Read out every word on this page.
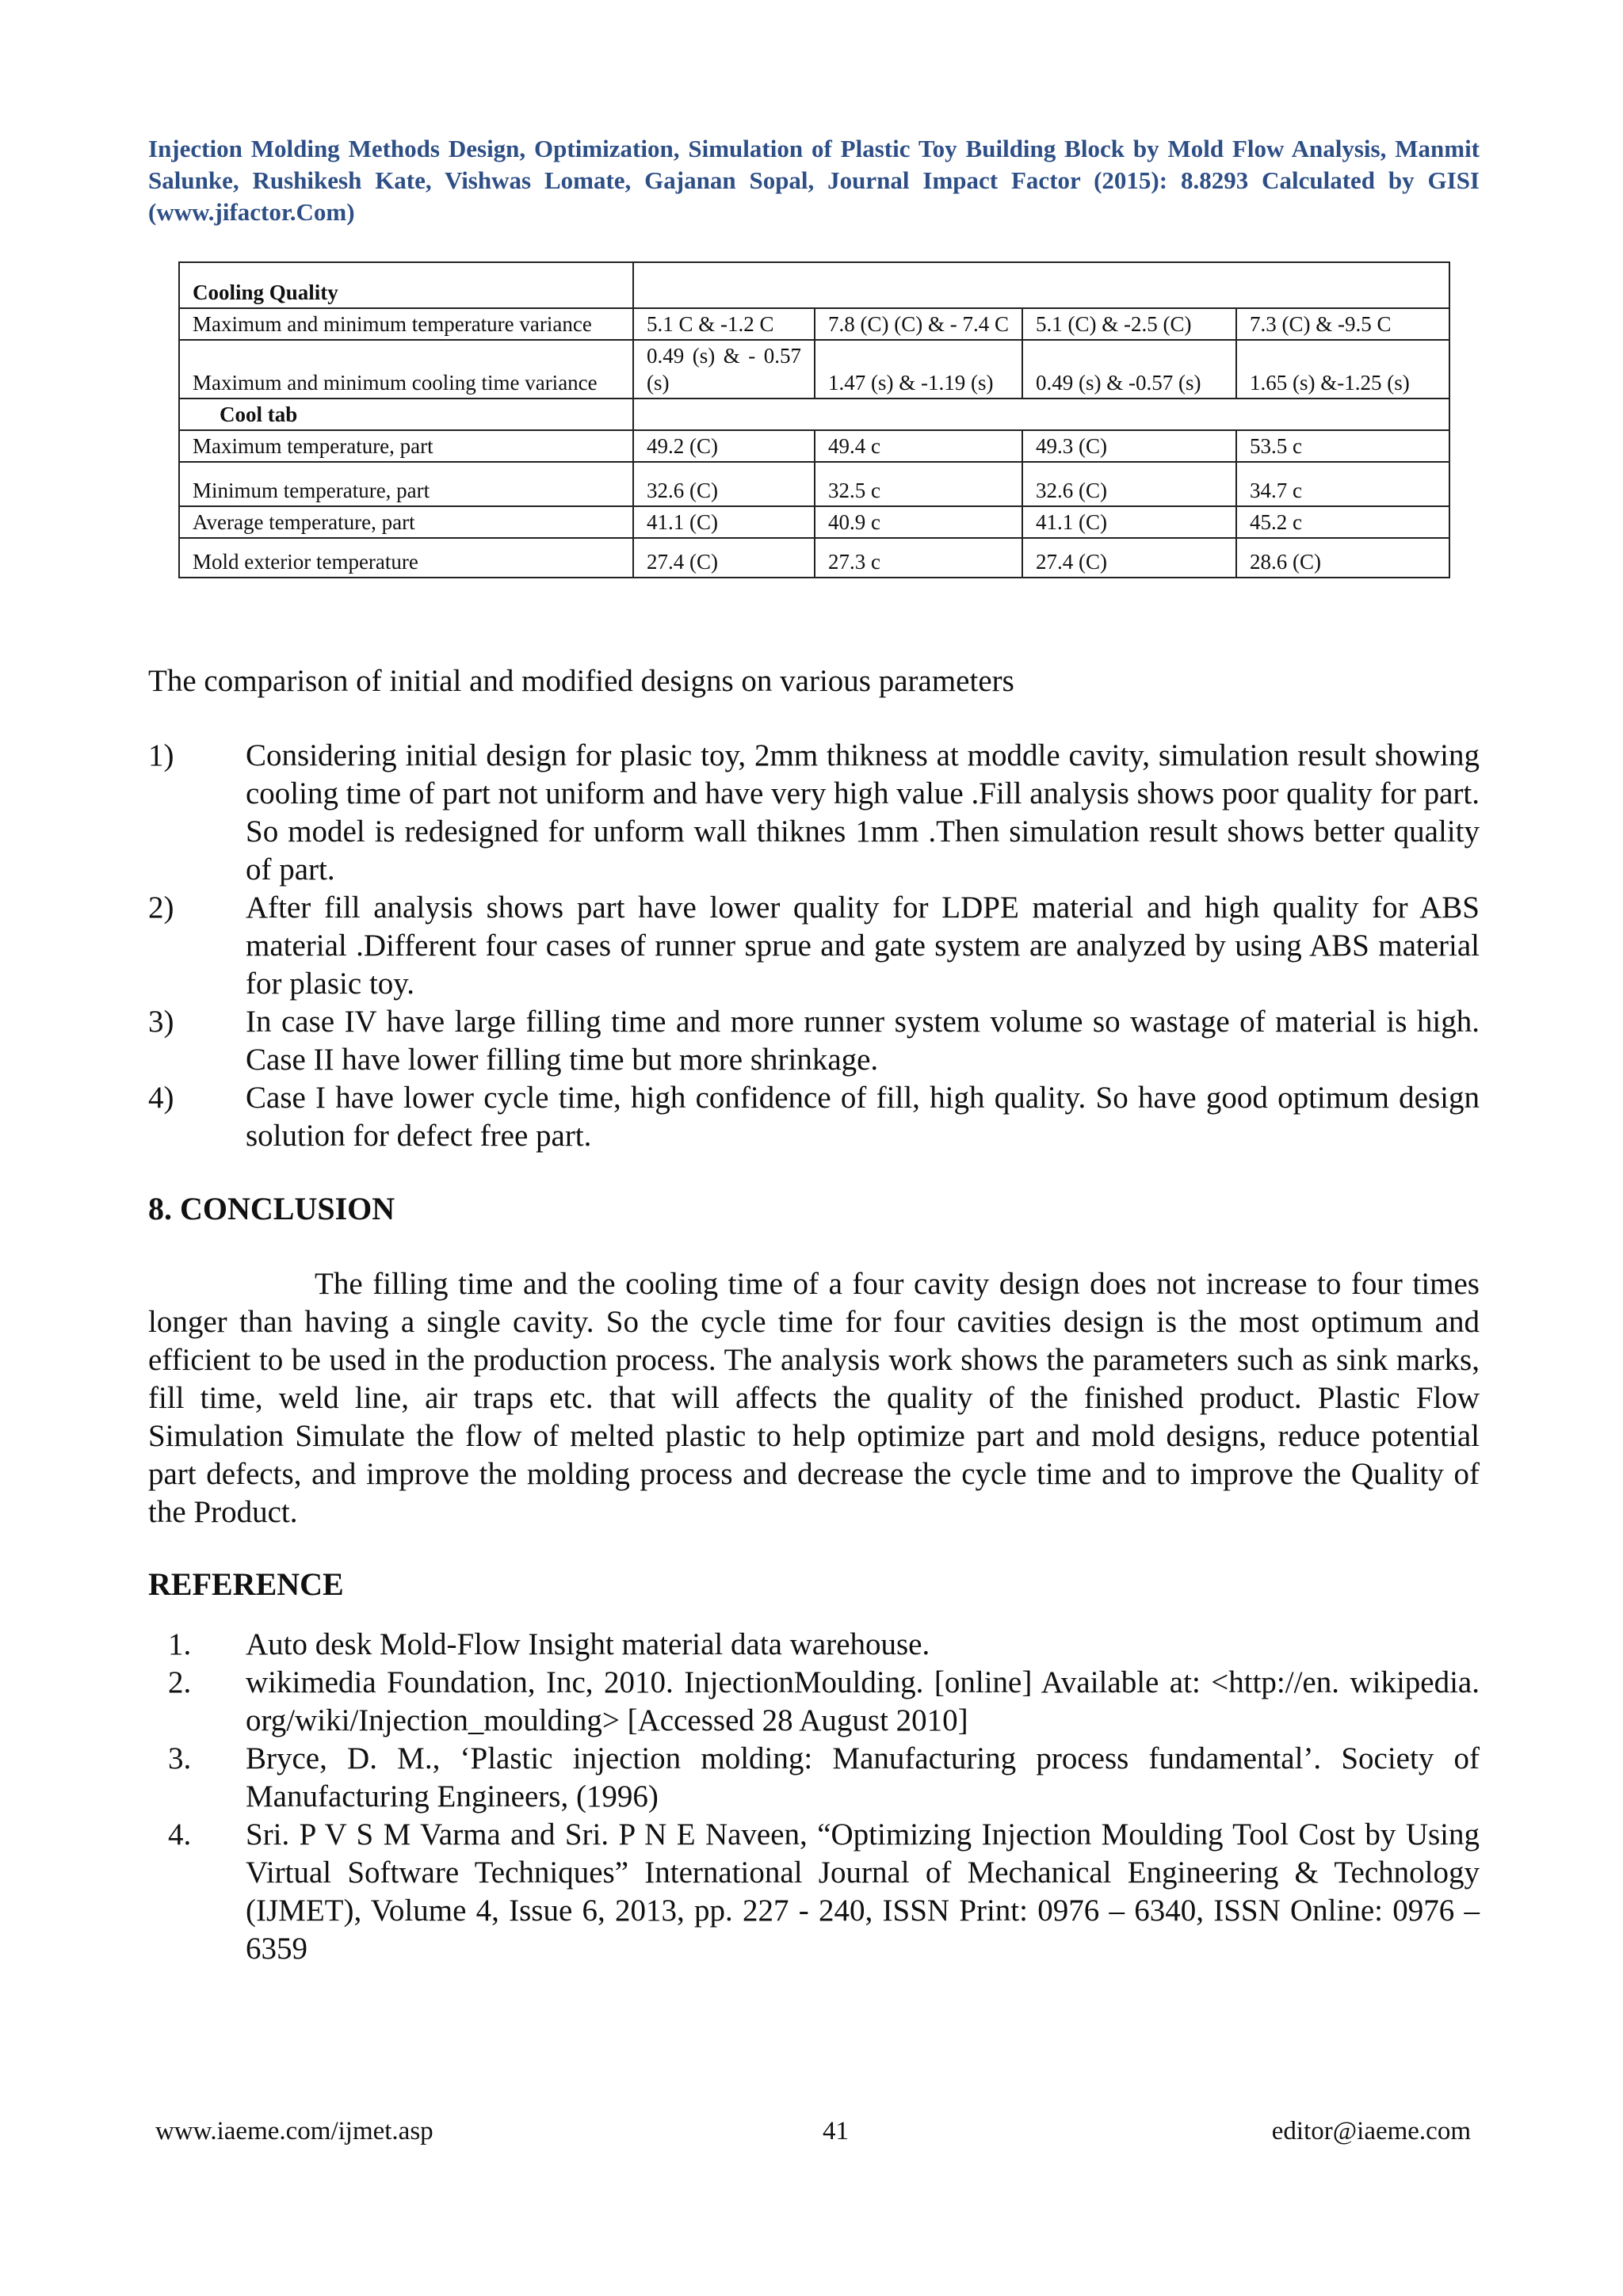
Injection Molding Methods Design, Optimization, Simulation of Plastic Toy Building Block by Mold Flow Analysis, Manmit Salunke, Rushikesh Kate, Vishwas Lomate, Gajanan Sopal, Journal Impact Factor (2015): 8.8293 Calculated by GISI (www.jifactor.Com)
Cooling Quality				
Maximum and minimum temperature variance	5.1 C & -1.2 C	7.8 (C) (C) & - 7.4 C	5.1 (C) & -2.5 (C)	7.3 (C) & -9.5 C
Maximum and minimum cooling time variance	0.49 (s) & - 0.57 (s)	1.47 (s) & -1.19 (s)	0.49 (s) & -0.57 (s)	1.65 (s) &-1.25 (s)
Cool tab				
Maximum temperature, part	49.2 (C)	49.4 c	49.3 (C)	53.5 c
Minimum temperature, part	32.6 (C)	32.5 c	32.6 (C)	34.7 c
Average temperature, part	41.1 (C)	40.9 c	41.1 (C)	45.2 c
Mold exterior temperature	27.4 (C)	27.3 c	27.4 (C)	28.6 (C)
The comparison of initial and modified designs on various parameters
1) Considering initial design for plasic toy, 2mm thikness at moddle cavity, simulation result showing cooling time of part not uniform and have very high value .Fill analysis shows poor quality for part. So model is redesigned for unform wall thiknes 1mm .Then simulation result shows better quality of part.
2) After fill analysis shows part have lower quality for LDPE material and high quality for ABS material .Different four cases of runner sprue and gate system are analyzed by using ABS material for plasic toy.
3) In case IV have large filling time and more runner system volume so wastage of material is high. Case II have lower filling time but more shrinkage.
4) Case I have lower cycle time, high confidence of fill, high quality. So have good optimum design solution for defect free part.
8. CONCLUSION
The filling time and the cooling time of a four cavity design does not increase to four times longer than having a single cavity. So the cycle time for four cavities design is the most optimum and efficient to be used in the production process. The analysis work shows the parameters such as sink marks, fill time, weld line, air traps etc. that will affects the quality of the finished product. Plastic Flow Simulation Simulate the flow of melted plastic to help optimize part and mold designs, reduce potential part defects, and improve the molding process and decrease the cycle time and to improve the Quality of the Product.
REFERENCE
1. Auto desk Mold-Flow Insight material data warehouse.
2. wikimedia Foundation, Inc, 2010. InjectionMoulding. [online] Available at: <http://en. wikipedia. org/wiki/Injection_moulding> [Accessed 28 August 2010]
3. Bryce, D. M., ‘Plastic injection molding: Manufacturing process fundamental’. Society of Manufacturing Engineers, (1996)
4. Sri. P V S M Varma and Sri. P N E Naveen, “Optimizing Injection Moulding Tool Cost by Using Virtual Software Techniques” International Journal of Mechanical Engineering & Technology (IJMET), Volume 4, Issue 6, 2013, pp. 227 - 240, ISSN Print: 0976 – 6340, ISSN Online: 0976 – 6359
www.iaeme.com/ijmet.asp	41	editor@iaeme.com
